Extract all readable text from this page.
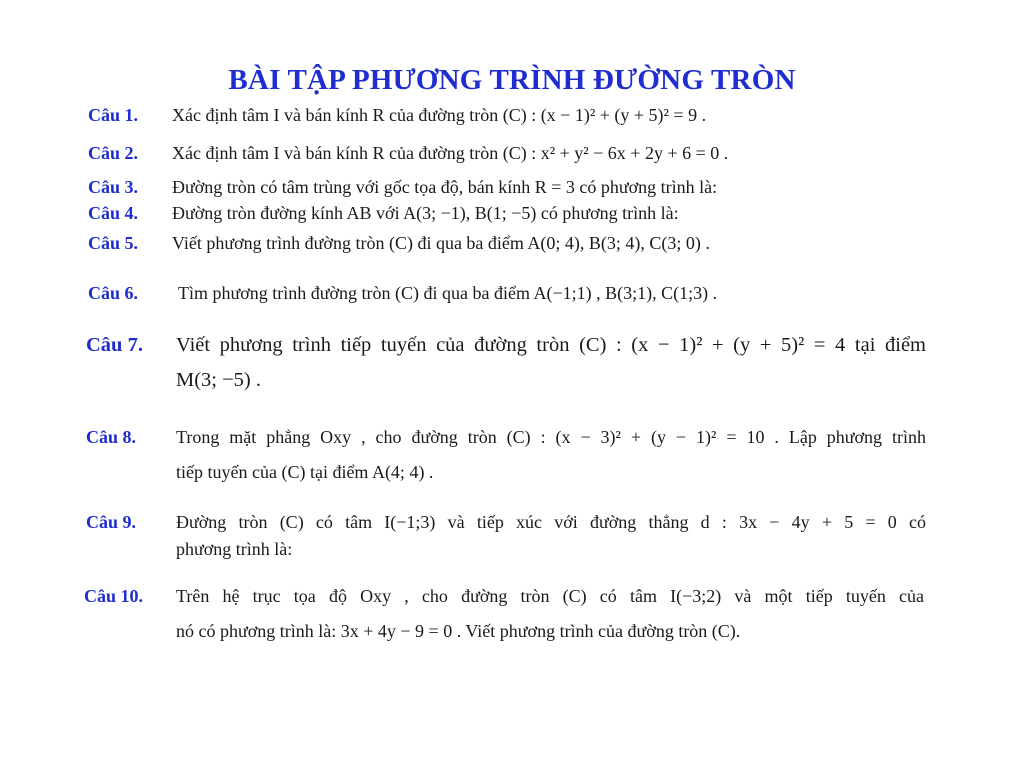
BÀI TẬP PHƯƠNG TRÌNH ĐƯỜNG TRÒN
Câu 1. Xác định tâm I và bán kính R của đường tròn (C) : (x − 1)² + (y + 5)² = 9 .
Câu 2. Xác định tâm I và bán kính R của đường tròn (C) : x² + y² − 6x + 2y + 6 = 0 .
Câu 3. Đường tròn có tâm trùng với gốc tọa độ, bán kính R = 3 có phương trình là:
Câu 4. Đường tròn đường kính AB với A(3; −1), B(1; −5) có phương trình là:
Câu 5. Viết phương trình đường tròn (C) đi qua ba điểm A(0; 4), B(3; 4), C(3; 0) .
Câu 6. Tìm phương trình đường tròn (C) đi qua ba điểm A(−1;1) , B(3;1), C(1;3) .
Câu 7. Viết phương trình tiếp tuyến của đường tròn (C) : (x − 1)² + (y + 5)² = 4 tại điểm
M(3; −5) .
Câu 8. Trong mặt phẳng Oxy , cho đường tròn (C) : (x − 3)² + (y − 1)² = 10 . Lập phương trình
tiếp tuyến của (C) tại điểm A(4; 4) .
Câu 9. Đường tròn (C) có tâm I(−1;3) và tiếp xúc với đường thẳng d : 3x − 4y + 5 = 0 có
phương trình là:
Câu 10. Trên hệ trục tọa độ Oxy , cho đường tròn (C) có tâm I(−3;2) và một tiếp tuyến của
nó có phương trình là: 3x + 4y − 9 = 0 . Viết phương trình của đường tròn (C).
